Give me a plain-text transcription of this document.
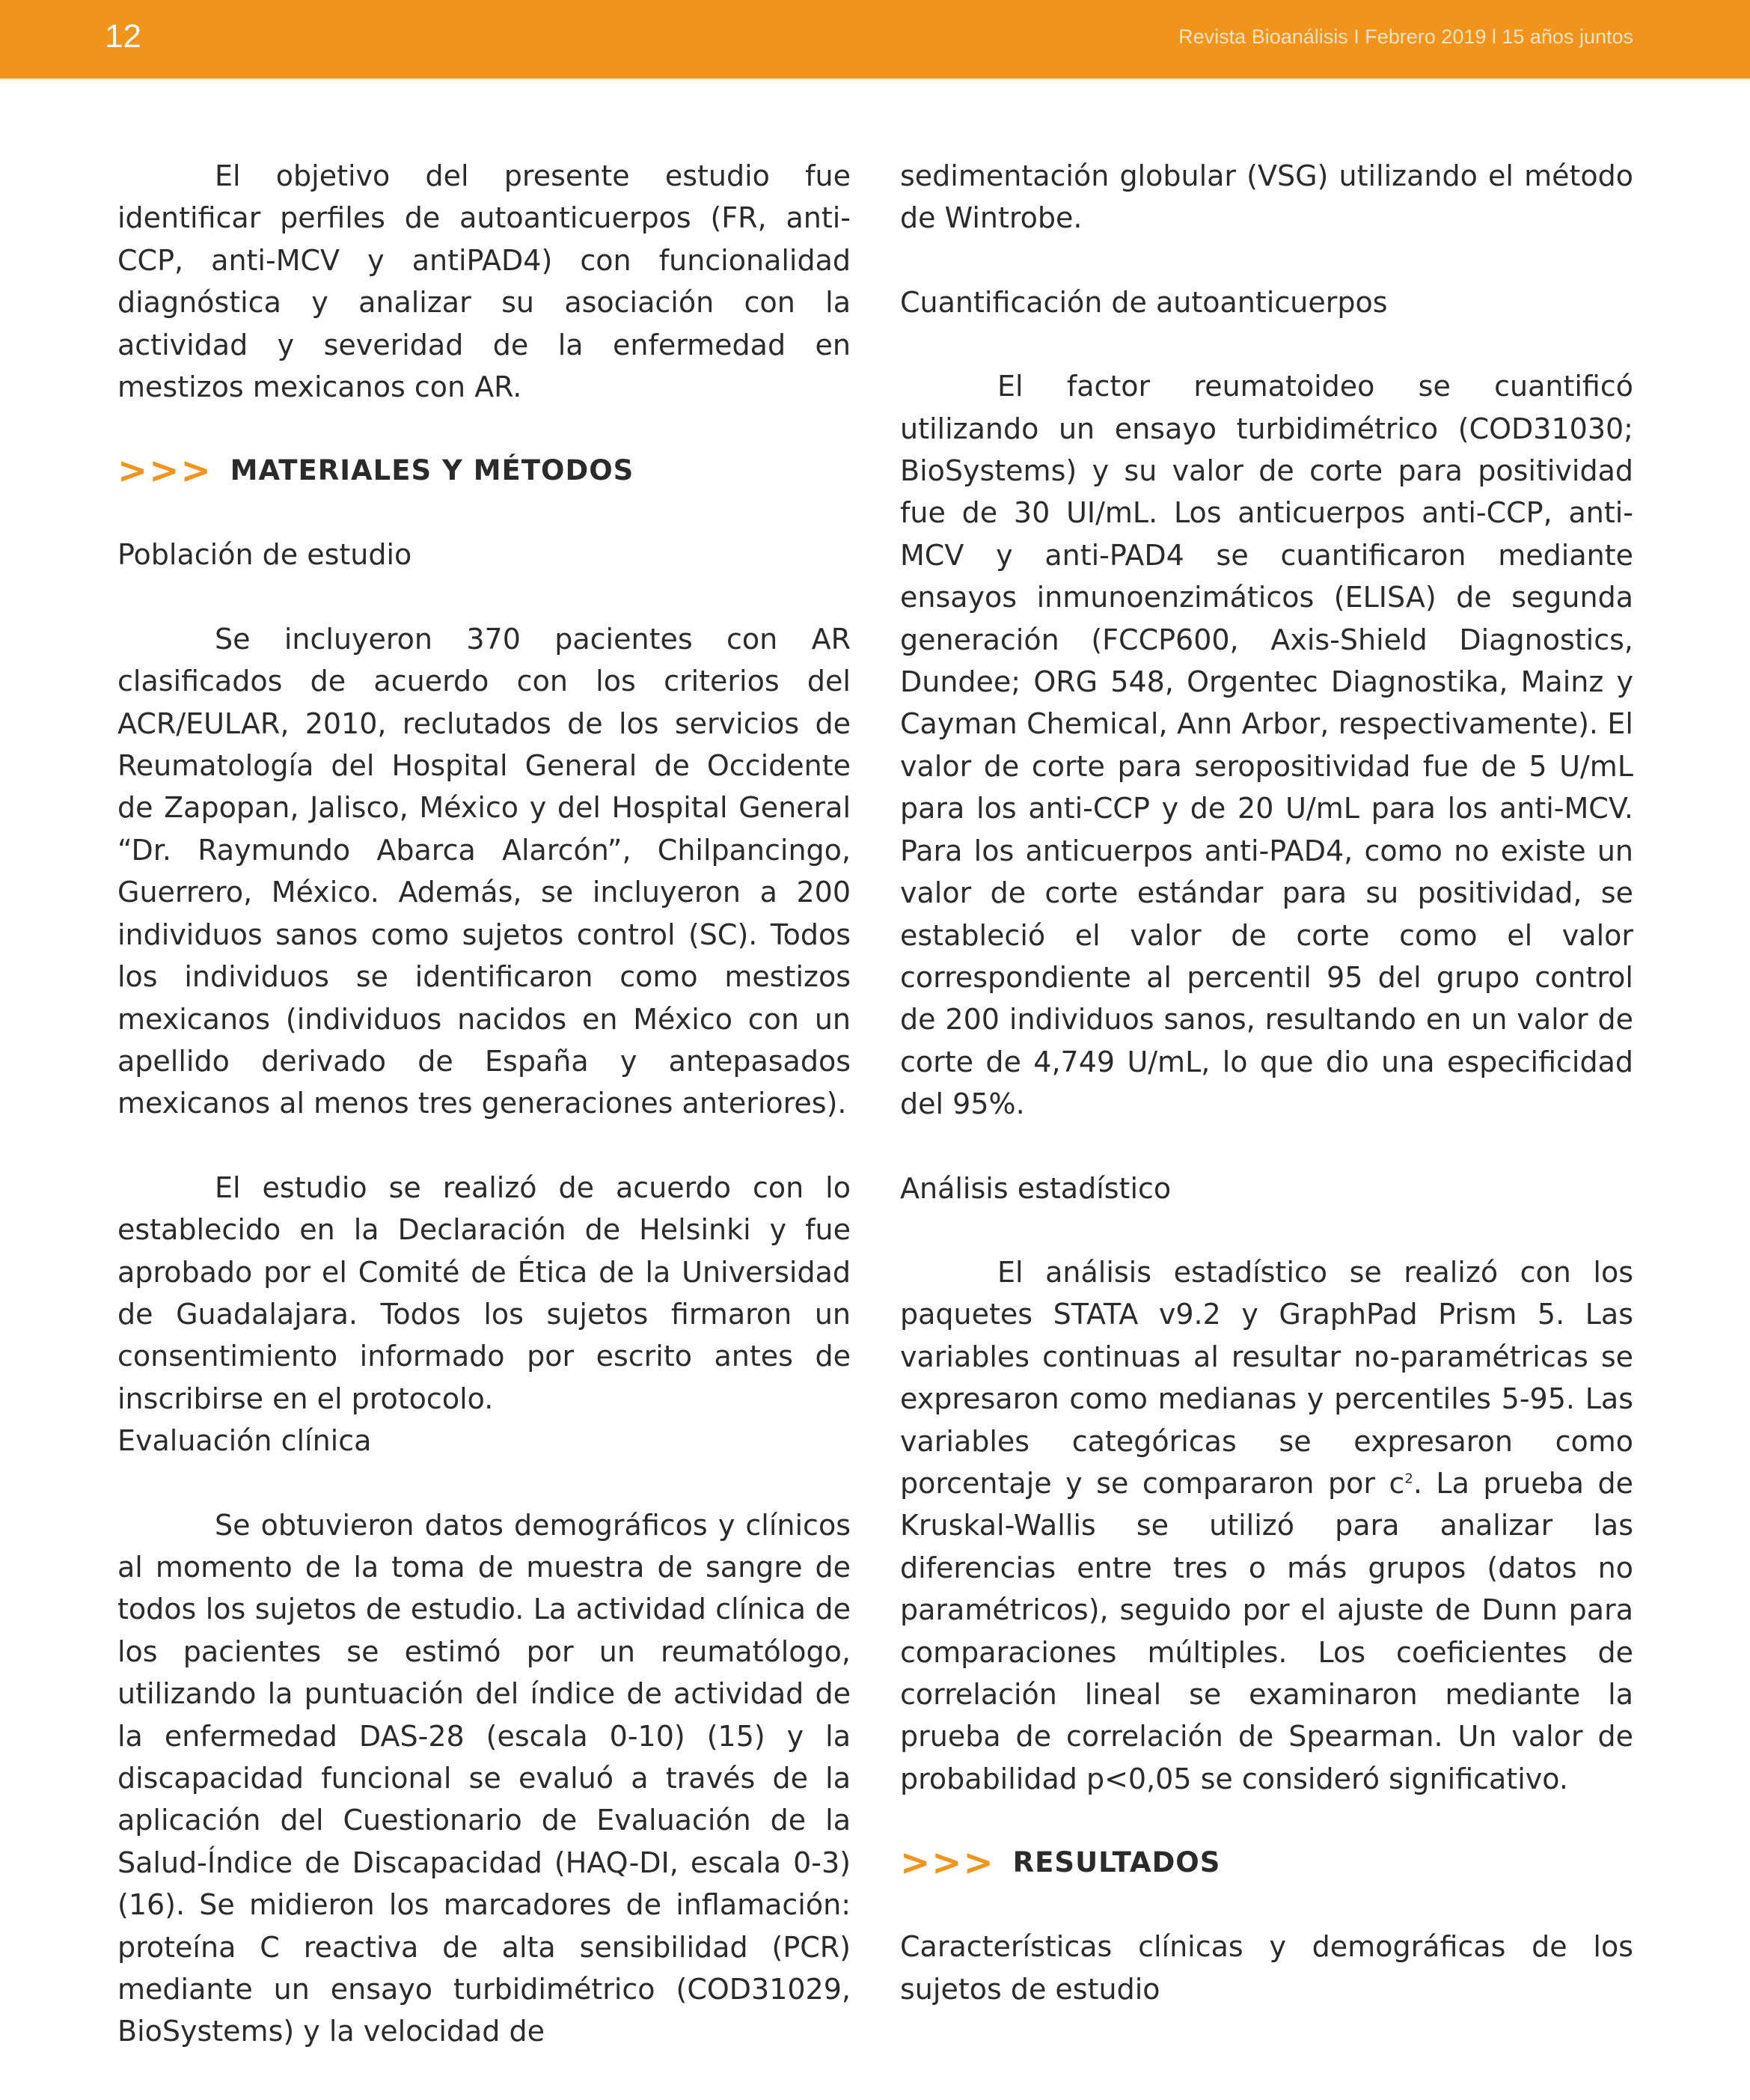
12	Revista Bioanálisis I Febrero 2019 l 15 años juntos

El objetivo del presente estudio fue identificar perfiles de autoanticuerpos (FR, anti-CCP, anti-MCV y antiPAD4) con funcionalidad diagnóstica y analizar su asociación con la actividad y severidad de la enfermedad en mestizos mexicanos con AR.

>>> MATERIALES Y MÉTODOS

Población de estudio

Se incluyeron 370 pacientes con AR clasificados de acuerdo con los criterios del ACR/EULAR, 2010, reclutados de los servicios de Reumatología del Hospital General de Occidente de Zapopan, Jalisco, México y del Hospital General “Dr. Raymundo Abarca Alarcón”, Chilpancingo, Guerrero, México. Además, se incluyeron a 200 individuos sanos como sujetos control (SC). Todos los individuos se identificaron como mestizos mexicanos (individuos nacidos en México con un apellido derivado de España y antepasados mexicanos al menos tres generaciones anteriores).

El estudio se realizó de acuerdo con lo establecido en la Declaración de Helsinki y fue aprobado por el Comité de Ética de la Universidad de Guadalajara. Todos los sujetos firmaron un consentimiento informado por escrito antes de inscribirse en el protocolo.

Evaluación clínica

Se obtuvieron datos demográficos y clínicos al momento de la toma de muestra de sangre de todos los sujetos de estudio. La actividad clínica de los pacientes se estimó por un reumatólogo, utilizando la puntuación del índice de actividad de la enfermedad DAS-28 (escala 0-10) (15) y la discapacidad funcional se evaluó a través de la aplicación del Cuestionario de Evaluación de la Salud-Índice de Discapacidad (HAQ-DI, escala 0-3) (16). Se midieron los marcadores de inflamación: proteína C reactiva de alta sensibilidad (PCR) mediante un ensayo turbidimétrico (COD31029, BioSystems) y la velocidad de

sedimentación globular (VSG) utilizando el método de Wintrobe.

Cuantificación de autoanticuerpos

El factor reumatoideo se cuantificó utilizando un ensayo turbidimétrico (COD31030; BioSystems) y su valor de corte para positividad fue de 30 UI/mL. Los anticuerpos anti-CCP, anti-MCV y anti-PAD4 se cuantificaron mediante ensayos inmunoenzimáticos (ELISA) de segunda generación (FCCP600, Axis-Shield Diagnostics, Dundee; ORG 548, Orgentec Diagnostika, Mainz y Cayman Chemical, Ann Arbor, respectivamente). El valor de corte para seropositividad fue de 5 U/mL para los anti-CCP y de 20 U/mL para los anti-MCV. Para los anticuerpos anti-PAD4, como no existe un valor de corte estándar para su positividad, se estableció el valor de corte como el valor correspondiente al percentil 95 del grupo control de 200 individuos sanos, resultando en un valor de corte de 4,749 U/mL, lo que dio una especificidad del 95%.

Análisis estadístico

El análisis estadístico se realizó con los paquetes STATA v9.2 y GraphPad Prism 5. Las variables continuas al resultar no-paramétricas se expresaron como medianas y percentiles 5-95. Las variables categóricas se expresaron como porcentaje y se compararon por $c^2$. La prueba de Kruskal-Wallis se utilizó para analizar las diferencias entre tres o más grupos (datos no paramétricos), seguido por el ajuste de Dunn para comparaciones múltiples. Los coeficientes de correlación lineal se examinaron mediante la prueba de correlación de Spearman. Un valor de probabilidad p<0,05 se consideró significativo.

>>> RESULTADOS

Características clínicas y demográficas de los sujetos de estudio
